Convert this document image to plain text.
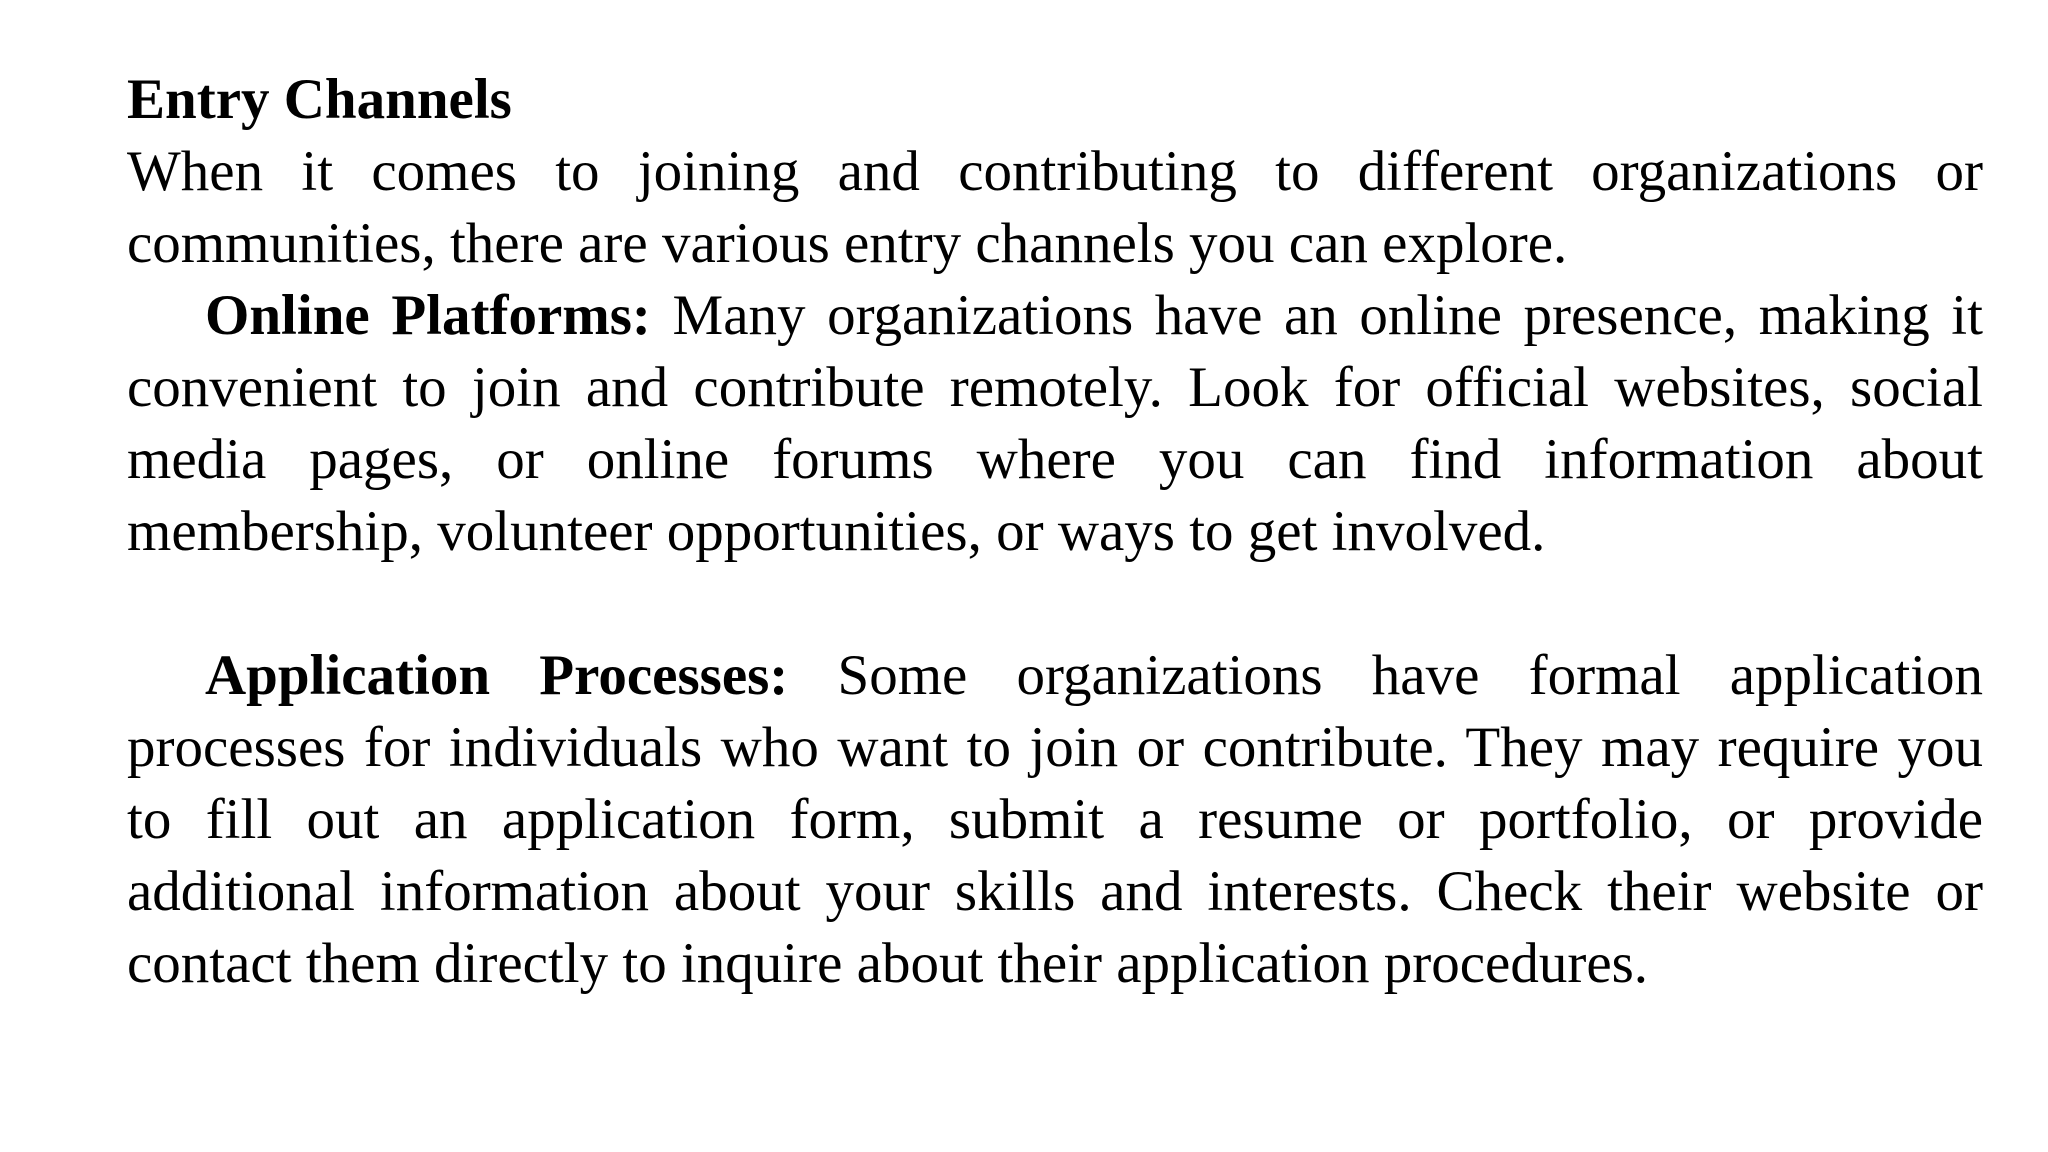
Entry Channels

When it comes to joining and contributing to different organizations or communities, there are various entry channels you can explore.

Online Platforms: Many organizations have an online presence, making it convenient to join and contribute remotely. Look for official websites, social media pages, or online forums where you can find information about membership, volunteer opportunities, or ways to get involved.

Application Processes: Some organizations have formal application processes for individuals who want to join or contribute. They may require you to fill out an application form, submit a resume or portfolio, or provide additional information about your skills and interests. Check their website or contact them directly to inquire about their application procedures.
